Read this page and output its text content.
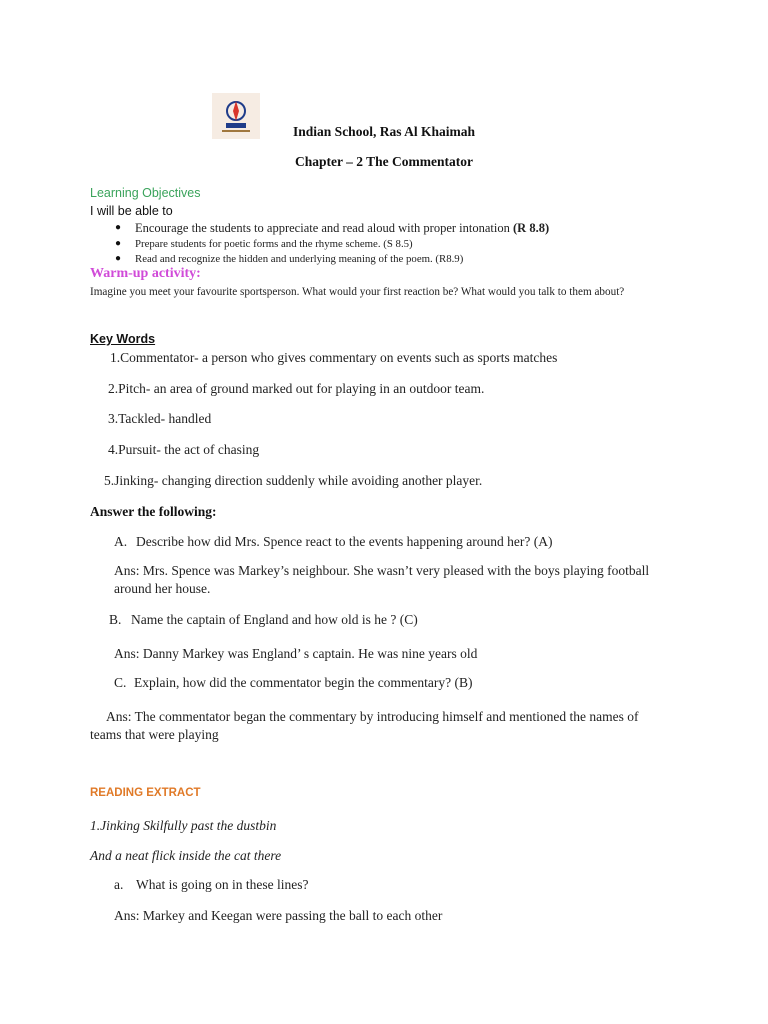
Indian School, Ras Al Khaimah
Chapter – 2 The Commentator
Learning Objectives
I will be able to
● Encourage the students to appreciate and read aloud with proper intonation (R 8.8)
● Prepare students for poetic forms and the rhyme scheme. (S 8.5)
● Read and recognize the hidden and underlying meaning of the poem. (R8.9)
Warm-up activity:
Imagine you meet your favourite sportsperson. What would your first reaction be? What would you talk to them about?
Key Words
1.Commentator- a person who gives commentary on events such as sports matches
2.Pitch- an area of ground marked out for playing in an outdoor team.
3.Tackled- handled
4.Pursuit- the act of chasing
5.Jinking- changing direction suddenly while avoiding another player.
Answer the following:
A. Describe how did Mrs. Spence react to the events happening around her? (A)
Ans: Mrs. Spence was Markey’s neighbour. She wasn’t very pleased with the boys playing football around her house.
B. Name the captain of England and how old is he ? (C)
Ans: Danny Markey was England’ s captain. He was nine years old
C. Explain, how did the commentator begin the commentary? (B)
Ans: The commentator began the commentary by introducing himself and mentioned the names of teams that were playing
READING EXTRACT
1.Jinking Skilfully past the dustbin
And a neat flick inside the cat there
a. What is going on in these lines?
Ans: Markey and Keegan were passing the ball to each other
